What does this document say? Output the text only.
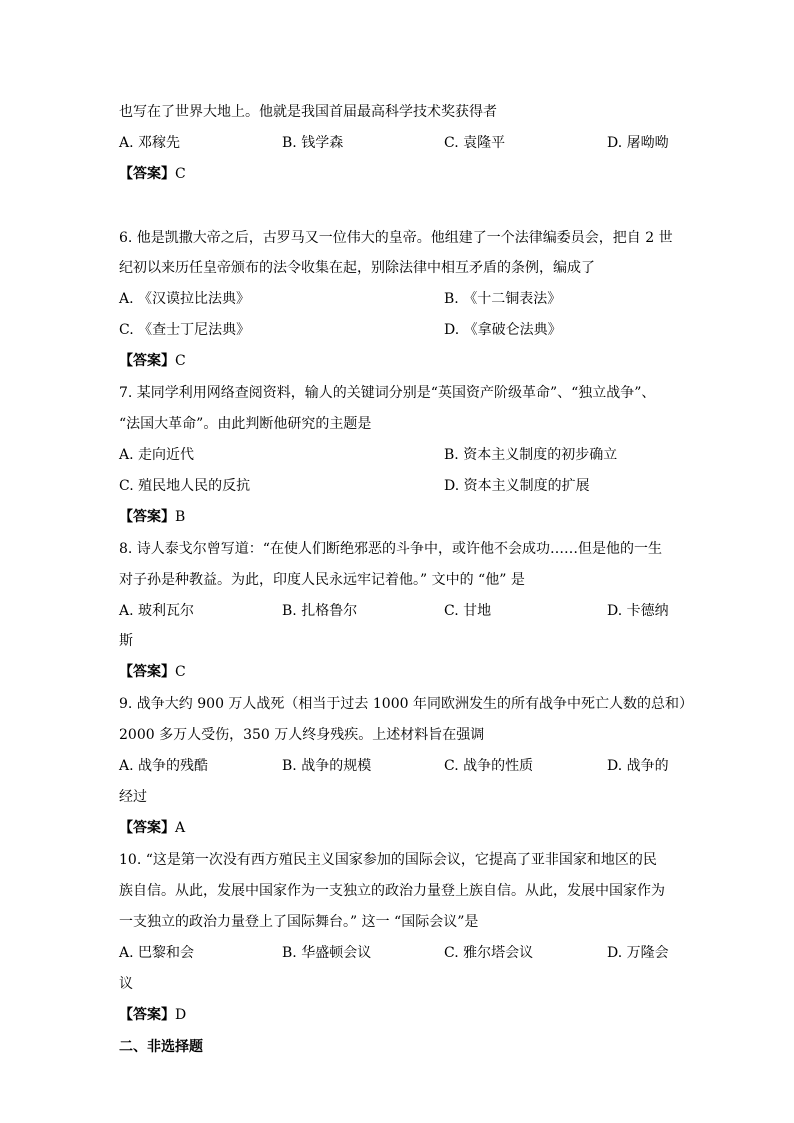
也写在了世界大地上。他就是我国首届最高科学技术奖获得者
A. 邓稼先	B. 钱学森	C. 袁隆平	D. 屠呦呦
【答案】C
6. 他是凯撒大帝之后，古罗马又一位伟大的皇帝。他组建了一个法律编委员会，把自 2 世
纪初以来历任皇帝颁布的法令收集在起，别除法律中相互矛盾的条例，编成了
A. 《汉谟拉比法典》	B. 《十二铜表法》
C. 《查士丁尼法典》	D. 《拿破仑法典》
【答案】C
7. 某同学利用网络查阅资料，输人的关键词分别是“英国资产阶级革命”、“独立战争”、
“法国大革命”。由此判断他研究的主题是
A. 走向近代	B. 资本主义制度的初步确立
C. 殖民地人民的反抗	D. 资本主义制度的扩展
【答案】B
8. 诗人泰戈尔曾写道：“在使人们断绝邪恶的斗争中，或许他不会成功……但是他的一生
对子孙是种教益。为此，印度人民永远牢记着他。” 文中的 “他” 是
A. 玻利瓦尔	B. 扎格鲁尔	C. 甘地	D. 卡德纳
斯
【答案】C
9. 战争大约 900 万人战死（相当于过去 1000 年同欧洲发生的所有战争中死亡人数的总和）
2000 多万人受伤，350 万人终身残疾。上述材料旨在强调
A. 战争的残酷	B. 战争的规模	C. 战争的性质	D. 战争的
经过
【答案】A
10. “这是第一次没有西方殖民主义国家参加的国际会议，它提高了亚非国家和地区的民
族自信。从此，发展中国家作为一支独立的政治力量登上族自信。从此，发展中国家作为
一支独立的政治力量登上了国际舞台。” 这一 “国际会议”是
A. 巴黎和会	B. 华盛顿会议	C. 雅尔塔会议	D. 万隆会
议
【答案】D
二、非选择题
